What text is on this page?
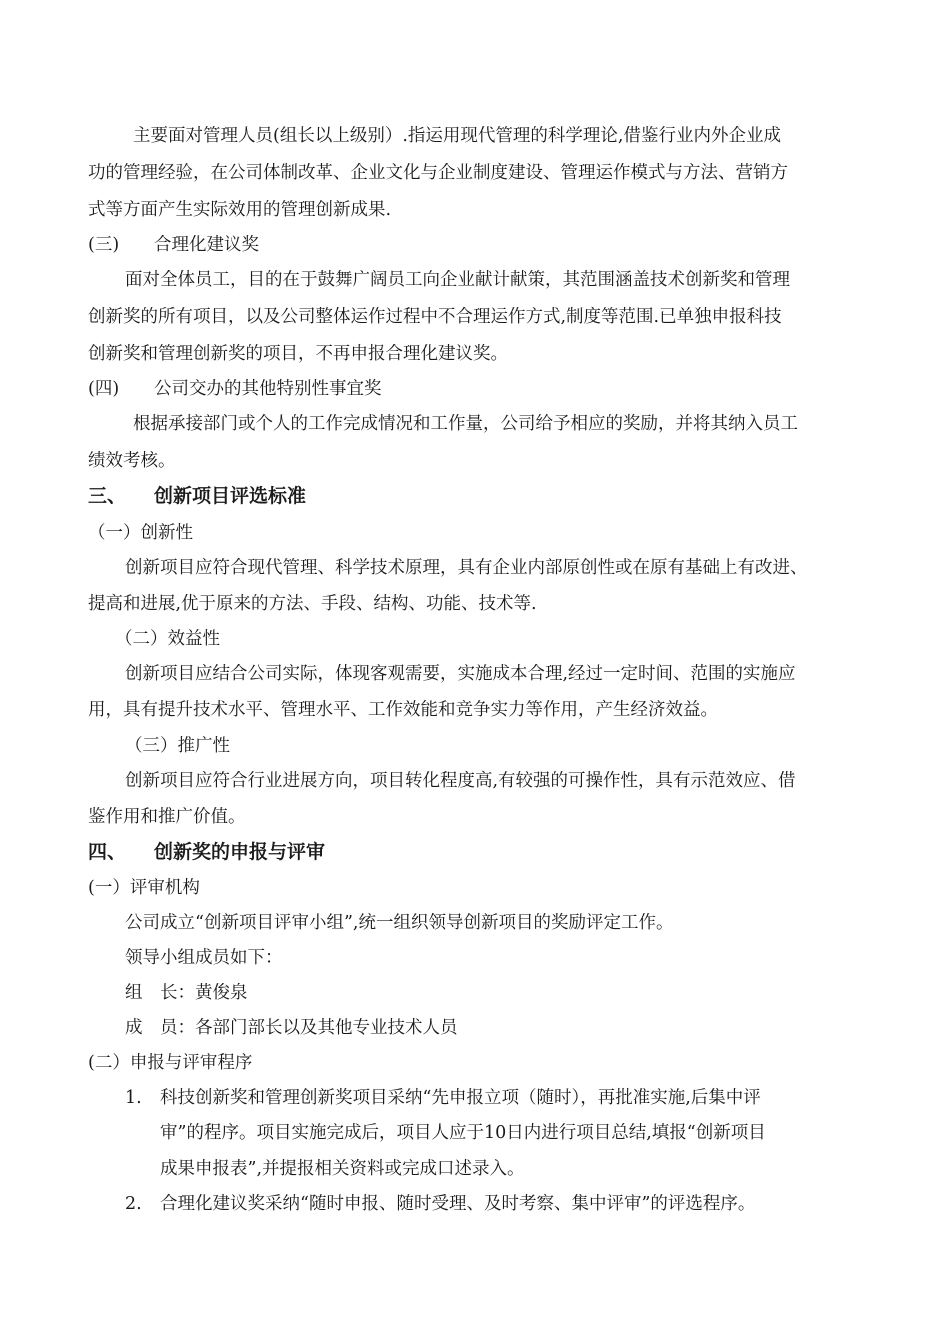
主要面对管理人员(组长以上级别）.指运用现代管理的科学理论,借鉴行业内外企业成
功的管理经验，在公司体制改革、企业文化与企业制度建设、管理运作模式与方法、营销方
式等方面产生实际效用的管理创新成果.
(三) 合理化建议奖
面对全体员工，目的在于鼓舞广阔员工向企业献计献策，其范围涵盖技术创新奖和管理
创新奖的所有项目，以及公司整体运作过程中不合理运作方式,制度等范围.已单独申报科技
创新奖和管理创新奖的项目，不再申报合理化建议奖。
(四) 公司交办的其他特别性事宜奖
根据承接部门或个人的工作完成情况和工作量，公司给予相应的奖励，并将其纳入员工
绩效考核。
三、 创新项目评选标准
（一）创新性
创新项目应符合现代管理、科学技术原理，具有企业内部原创性或在原有基础上有改进、
提高和进展,优于原来的方法、手段、结构、功能、技术等.
（二）效益性
创新项目应结合公司实际，体现客观需要，实施成本合理,经过一定时间、范围的实施应
用，具有提升技术水平、管理水平、工作效能和竞争实力等作用，产生经济效益。
（三）推广性
创新项目应符合行业进展方向，项目转化程度高,有较强的可操作性，具有示范效应、借
鉴作用和推广价值。
四、 创新奖的申报与评审
(一）评审机构
公司成立“创新项目评审小组”,统一组织领导创新项目的奖励评定工作。
领导小组成员如下：
组　长：黄俊泉
成　员：各部门部长以及其他专业技术人员
(二）申报与评审程序
1. 科技创新奖和管理创新奖项目采纳“先申报立项（随时），再批准实施,后集中评
审”的程序。项目实施完成后，项目人应于10日内进行项目总结,填报“创新项目
成果申报表”,并提报相关资料或完成口述录入。
2. 合理化建议奖采纳“随时申报、随时受理、及时考察、集中评审”的评选程序。
